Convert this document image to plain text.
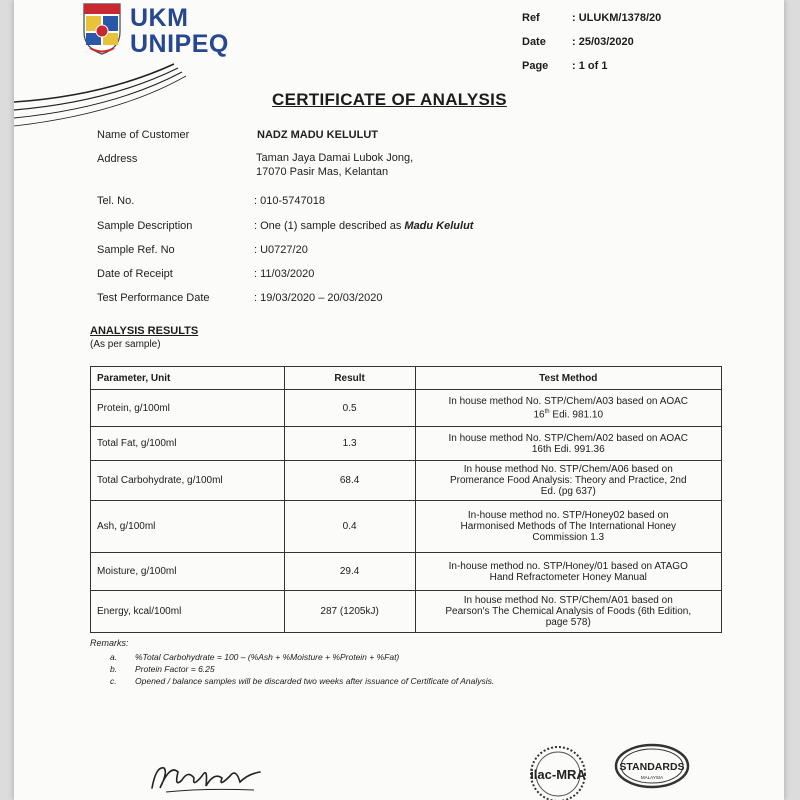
UKM
UNIPEQ
Ref	: ULUKM/1378/20
Date : 25/03/2020
Page : 1 of 1
CERTIFICATE OF ANALYSIS
Name of Customer	NADZ MADU KELULUT
Address	Taman Jaya Damai Lubok Jong,
17070 Pasir Mas, Kelantan
Tel. No.	: 010-5747018
Sample Description	: One (1) sample described as Madu Kelulut
Sample Ref. No	: U0727/20
Date of Receipt	: 11/03/2020
Test Performance Date	: 19/03/2020 – 20/03/2020
ANALYSIS RESULTS
(As per sample)
Parameter, Unit	Result	Test Method
Protein, g/100ml	0.5	In house method No. STP/Chem/A03 based on AOAC
16th Edi. 981.10

Total Fat, g/100ml	1.3	In house method No. STP/Chem/A02 based on AOAC
16th Edi. 991.36

Total Carbohydrate, g/100ml	68.4	In house method No. STP/Chem/A06 based on
Promerance Food Analysis: Theory and Practice, 2nd
Ed. (pg 637)

Ash, g/100ml	0.4	In-house method no. STP/Honey02 based on
Harmonised Methods of The International Honey
Commission 1.3

Moisture, g/100ml	29.4	In-house method no. STP/Honey/01 based on ATAGO
Hand Refractometer Honey Manual

Energy, kcal/100ml	287 (1205kJ)	In house method No. STP/Chem/A01 based on
Pearson's The Chemical Analysis of Foods (6th Edition,
page 578)
Remarks:
a. %Total Carbohydrate = 100 – (%Ash + %Moisture + %Protein + %Fat)
b. Protein Factor = 6.25
c. Opened / balance samples will be discarded two weeks after issuance of Certificate of Analysis.
ilac-MRA	STANDARDS
MALAYSIA
